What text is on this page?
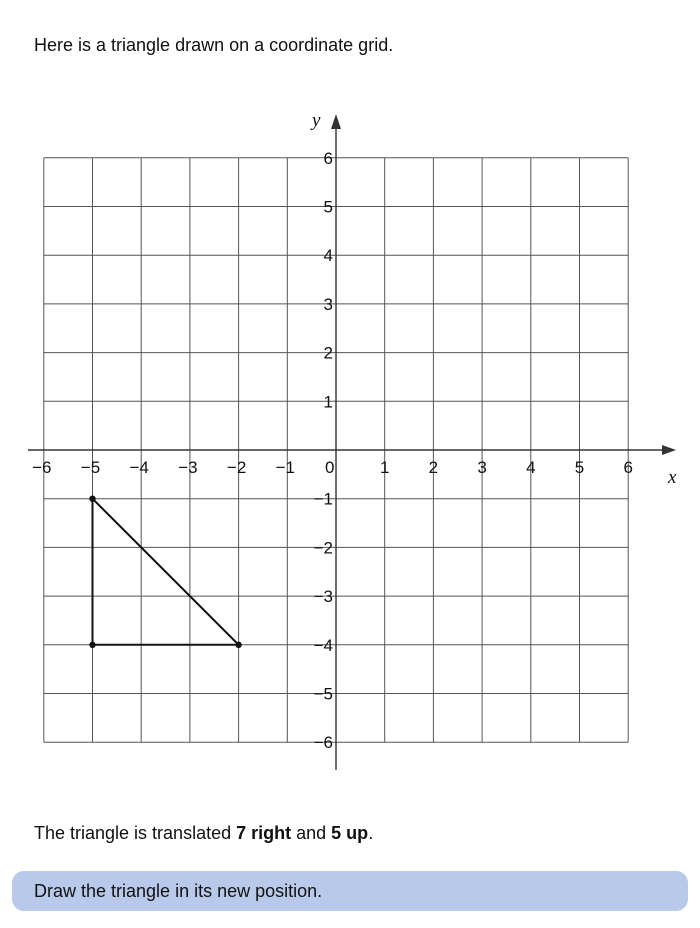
Here is a triangle drawn on a coordinate grid.
x
y
−6 −5 −4 −3 −2 −1 0	1 2 3 4 5 6
6
5
4
3
2
1
−1
−2
−3
−4
−5
−6
The triangle is translated 7 right and 5 up.
Draw the triangle in its new position.
